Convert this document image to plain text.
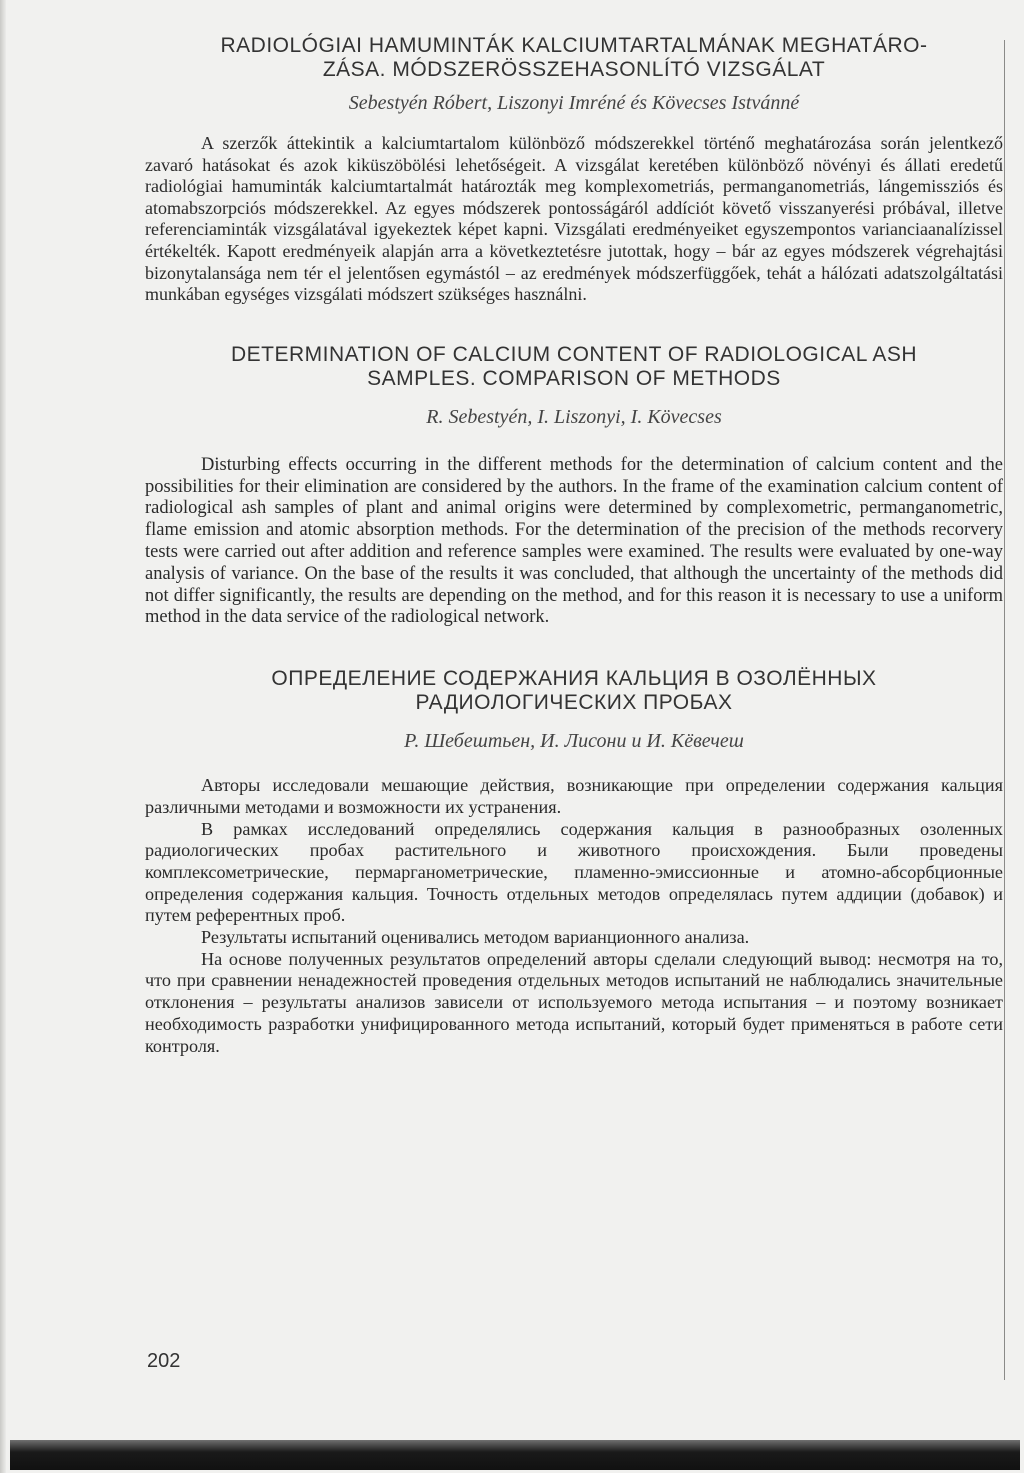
RADIOLÓGIAI HAMUMINTÁK KALCIUMTARTALMÁNAK MEGHATÁRO-
ZÁSA. MÓDSZERÖSSZEHASONLÍTÓ VIZSGÁLAT

Sebestyén Róbert, Liszonyi Imréné és Kövecses Istvánné

A szerzők áttekintik a kalciumtartalom különböző módszerekkel történő meghatározása során jelentkező zavaró hatásokat és azok kiküszöbölési lehetőségeit. A vizsgálat keretében különböző növényi és állati eredetű radiológiai hamuminták kalciumtartalmát határozták meg komplexometriás, permanganometriás, lángemissziós és atomabszorpciós módszerekkel. Az egyes módszerek pontosságáról addíciót követő visszanyerési próbával, illetve referenciaminták vizsgálatával igyekeztek képet kapni. Vizsgálati eredményeiket egyszempontos varianciaanalízissel értékelték. Kapott eredményeik alapján arra a következtetésre jutottak, hogy – bár az egyes módszerek végrehajtási bizonytalansága nem tér el jelentősen egymástól – az eredmények módszerfüggőek, tehát a hálózati adatszolgáltatási munkában egységes vizsgálati módszert szükséges használni.

DETERMINATION OF CALCIUM CONTENT OF RADIOLOGICAL ASH
SAMPLES. COMPARISON OF METHODS

R. Sebestyén, I. Liszonyi, I. Kövecses

Disturbing effects occurring in the different methods for the determination of calcium content and the possibilities for their elimination are considered by the authors. In the frame of the examination calcium content of radiological ash samples of plant and animal origins were determined by complexometric, permanganometric, flame emission and atomic absorption methods. For the determination of the precision of the methods recorvery tests were carried out after addition and reference samples were examined. The results were evaluated by one-way analysis of variance. On the base of the results it was concluded, that although the uncertainty of the methods did not differ significantly, the results are depending on the method, and for this reason it is necessary to use a uniform method in the data service of the radiological network.

ОПРЕДЕЛЕНИЕ СОДЕРЖАНИЯ КАЛЬЦИЯ В ОЗОЛЁННЫХ
РАДИОЛОГИЧЕСКИХ ПРОБАХ

Р. Шебештьен, И. Лисони и И. Кёвечеш

Авторы исследовали мешающие действия, возникающие при определении содержания кальция различными методами и возможности их устранения.

В рамках исследований определялись содержания кальция в разнообразных озоленных радиологических пробах растительного и животного происхождения. Были проведены комплексометрические, пермарганометрические, пламенно-эмиссионные и атомно-абсорбционные определения содержания кальция. Точность отдельных методов определялась путем аддиции (добавок) и путем референтных проб.

Результаты испытаний оценивались методом варианционного анализа.

На основе полученных результатов определений авторы сделали следующий вывод: несмотря на то, что при сравнении ненадежностей проведения отдельных методов испытаний не наблюдались значительные отклонения – результаты анализов зависели от используемого метода испытания – и поэтому возникает необходимость разработки унифицированного метода испытаний, который будет применяться в работе сети контроля.

202
